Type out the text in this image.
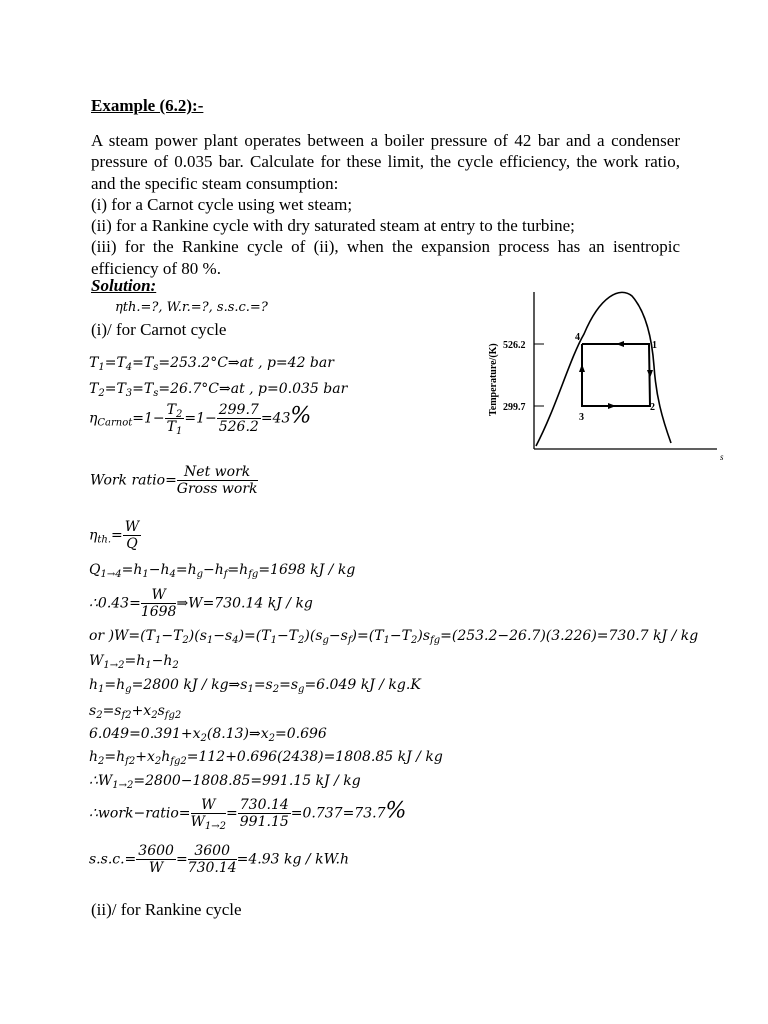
Example (6.2):-
A steam power plant operates between a boiler pressure of 42 bar and a condenser
pressure of 0.035 bar. Calculate for these limit, the cycle efficiency, the work ratio,
and the specific steam consumption:
(i) for a Carnot cycle using wet steam;
(ii) for a Rankine cycle with dry saturated steam at entry to the turbine;
(iii) for the Rankine cycle of (ii), when the expansion process has an isentropic
efficiency of 80 %.
Solution:
ηth.=?, W.r.=?, s.s.c.=?
(i)/ for Carnot cycle
526.2
299.7
Temperature/(K)
s
4
1
2
3
$T_1=T_4=T_s=253.2^\circ C\Rightarrow at$ , p=42 bar
$T_2=T_3=T_s=26.7^\circ C\Rightarrow at$ , p=0.035 bar
$\eta_{Carnot}=1- \frac{T_2}{T_1} =1- \frac{299.7}{526.2} =43\%$
Work ratio= $\frac{\text{Net work}}{\text{Gross work}}$
$\eta_{th.}= \frac{W}{Q}$
$Q_{1\to 4}=h_1-h_4=h_g-h_f=h_{fg}=1698$ kJ / kg
∴0.43= $\frac{W}{1698}$ ⇒W=730.14 kJ / kg
or )$W=(T_1-T_2)(s_1-s_4)=(T_1-T_2)(s_g-s_f)=(T_1-T_2)s_{fg}=(253.2-26.7)(3.226)=730.7$ kJ / kg
$W_{1\to 2}=h_1-h_2$
$h_1=h_g=2800$ kJ / $kg\Rightarrow s_1=s_2=s_g=6.049$ kJ / kg.K
$s_2=s_{f2}+x_2s_{fg2}$
$6.049=0.391+x_2(8.13)\Rightarrow x_2=0.696$
$h_2=h_{f2}+x_2h_{fg2}=112+0.696(2438)=1808.85$ kJ / kg
$\therefore W_{1\to 2}=2800-1808.85=991.15$ kJ / kg
∴work−ratio= $\frac{W}{W_{1\to 2}} = \frac{730.14}{991.15} =0.737=73.7\%$
$s.s.c.= \frac{3600}{W} = \frac{3600}{730.14} =4.93$ kg / kW.h
(ii)/ for Rankine cycle
